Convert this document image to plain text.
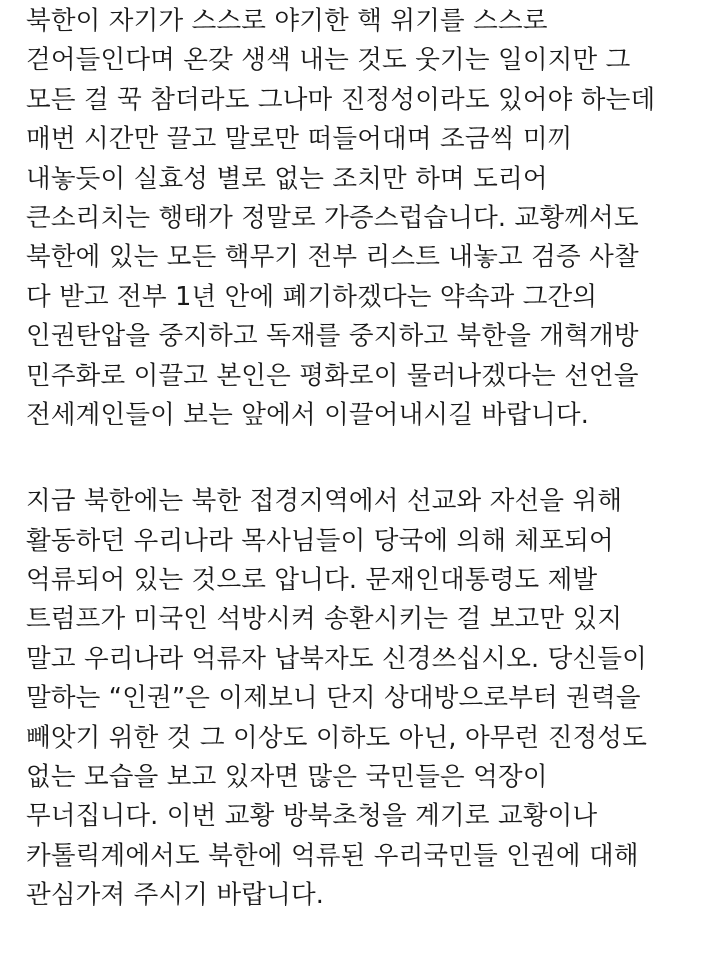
북한이 자기가 스스로 야기한 핵 위기를 스스로
걷어들인다며 온갖 생색 내는 것도 웃기는 일이지만 그
모든 걸 꾹 참더라도 그나마 진정성이라도 있어야 하는데
매번 시간만 끌고 말로만 떠들어대며 조금씩 미끼
내놓듯이 실효성 별로 없는 조치만 하며 도리어
큰소리치는 행태가 정말로 가증스럽습니다. 교황께서도
북한에 있는 모든 핵무기 전부 리스트 내놓고 검증 사찰
다 받고 전부 1년 안에 폐기하겠다는 약속과 그간의
인권탄압을 중지하고 독재를 중지하고 북한을 개혁개방
민주화로 이끌고 본인은 평화로이 물러나겠다는 선언을
전세계인들이 보는 앞에서 이끌어내시길 바랍니다.
지금 북한에는 북한 접경지역에서 선교와 자선을 위해
활동하던 우리나라 목사님들이 당국에 의해 체포되어
억류되어 있는 것으로 압니다. 문재인대통령도 제발
트럼프가 미국인 석방시켜 송환시키는 걸 보고만 있지
말고 우리나라 억류자 납북자도 신경쓰십시오. 당신들이
말하는 “인권”은 이제보니 단지 상대방으로부터 권력을
빼앗기 위한 것 그 이상도 이하도 아닌, 아무런 진정성도
없는 모습을 보고 있자면 많은 국민들은 억장이
무너집니다. 이번 교황 방북초청을 계기로 교황이나
카톨릭계에서도 북한에 억류된 우리국민들 인권에 대해
관심가져 주시기 바랍니다.
